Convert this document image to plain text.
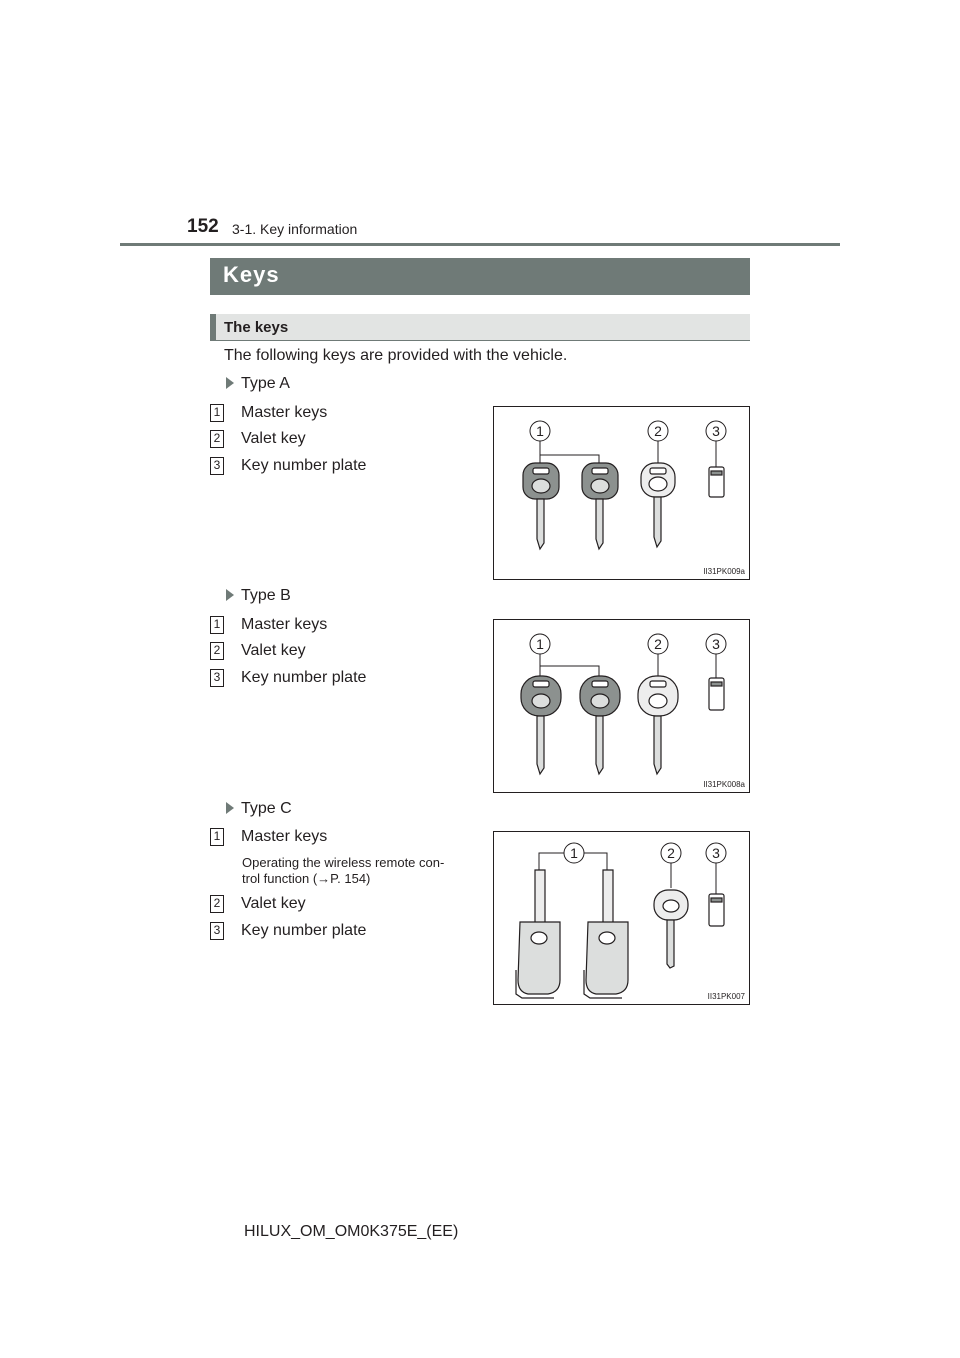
152 3-1. Key information
Keys
The keys
The following keys are provided with the vehicle.
Type A
1 Master keys
2 Valet key
3 Key number plate
1	2	3
II31PK009a
Type B
1 Master keys
2 Valet key
3 Key number plate
1	2	3
II31PK008a
Type C
1 Master keys
Operating the wireless remote con-
trol function (→P. 154)
2 Valet key
3 Key number plate
1	2	3
II31PK007
HILUX_OM_OM0K375E_(EE)
